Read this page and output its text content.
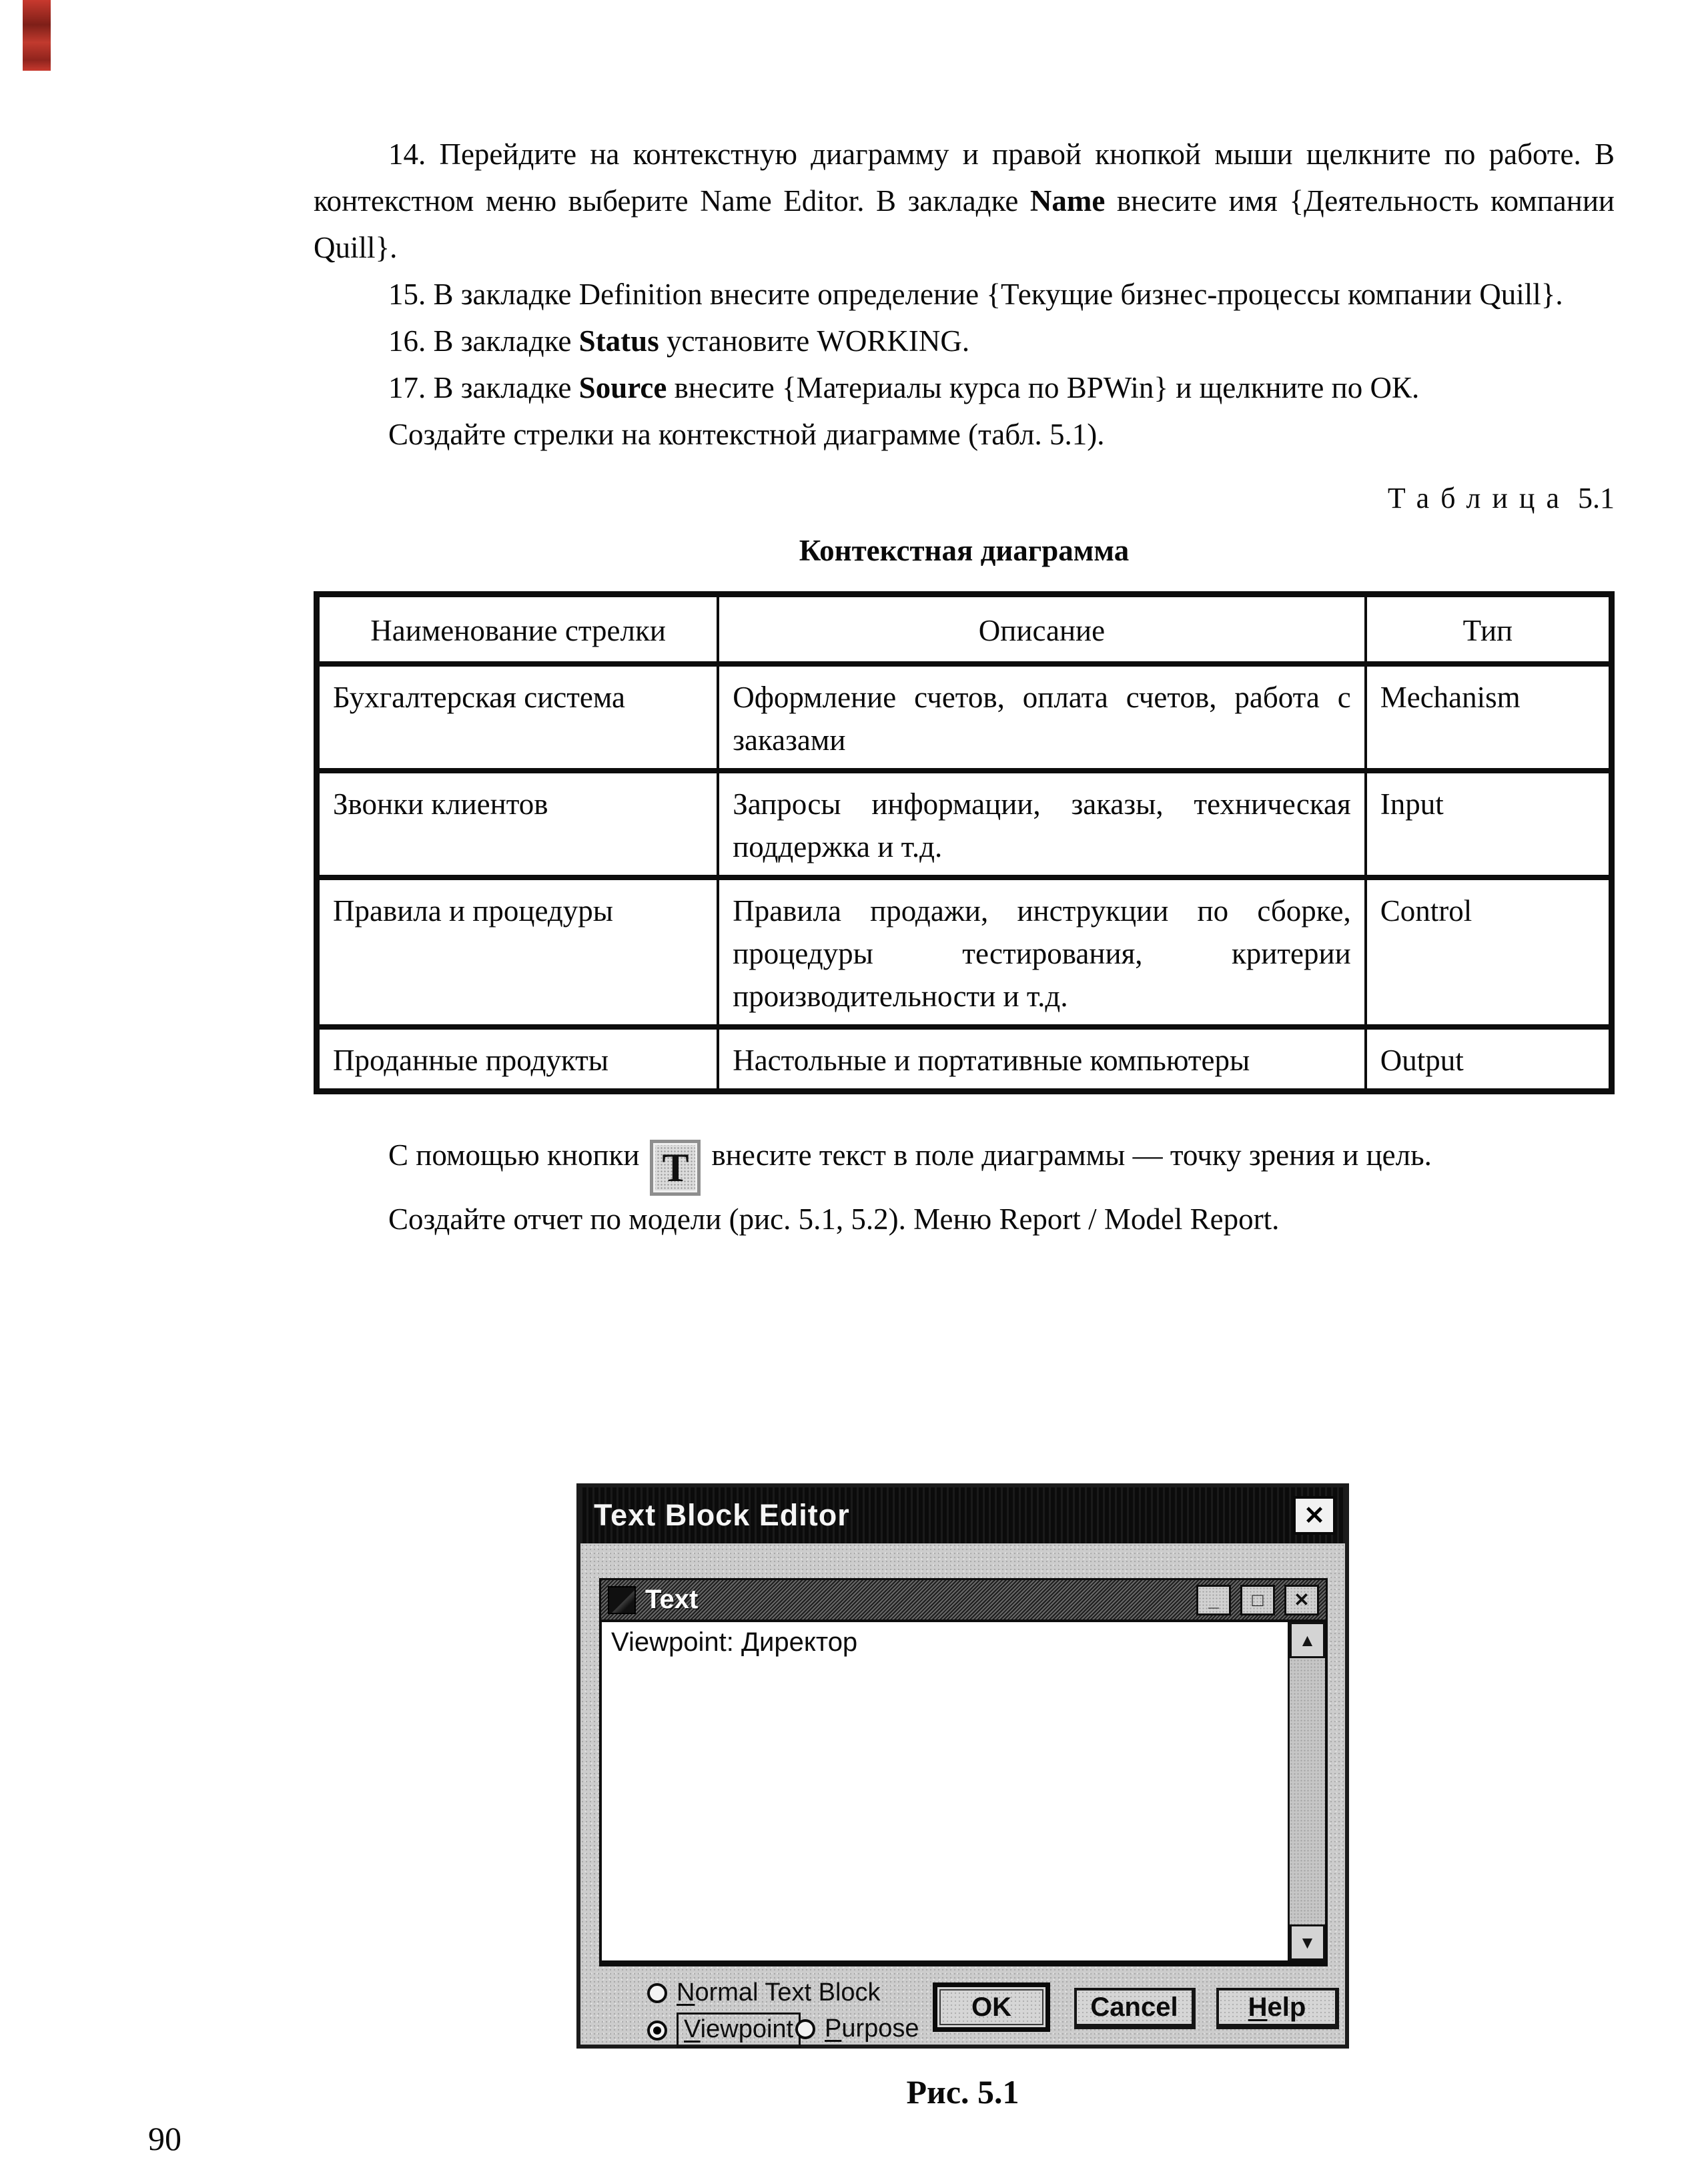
14. Перейдите на контекстную диаграмму и правой кнопкой мыши щелкните по работе. В контекстном меню выберите Name Editor. В закладке Name внесите имя {Деятельность компании Quill}.

15. В закладке Definition внесите определение {Текущие бизнес-процессы компании Quill}.

16. В закладке Status установите WORKING.

17. В закладке Source внесите {Материалы курса по BPWin} и щелкните по ОК.

Создайте стрелки на контекстной диаграмме (табл. 5.1).

Таблица 5.1
Контекстная диаграмма
Наименование стрелки	Описание	Тип
Бухгалтерская система	Оформление счетов, оплата счетов, работа с заказами	Mechanism
Звонки клиентов	Запросы информации, заказы, техническая поддержка и т.д.	Input
Правила и процедуры	Правила продажи, инструкции по сборке, процедуры тестирования, критерии производительности и т.д.	Control
Проданные продукты	Настольные и портативные компьютеры	Output

С помощью кнопки T внесите текст в поле диаграммы — точку зрения и цель.

Создайте отчет по модели (рис. 5.1, 5.2). Меню Report / Model Report.

Text Block Editor	✕
Text	_	□	✕
Viewpoint: Директор	▲
▼
Normal Text Block
Viewpoint Purpose
OK	Cancel	Help
Рис. 5.1
90
